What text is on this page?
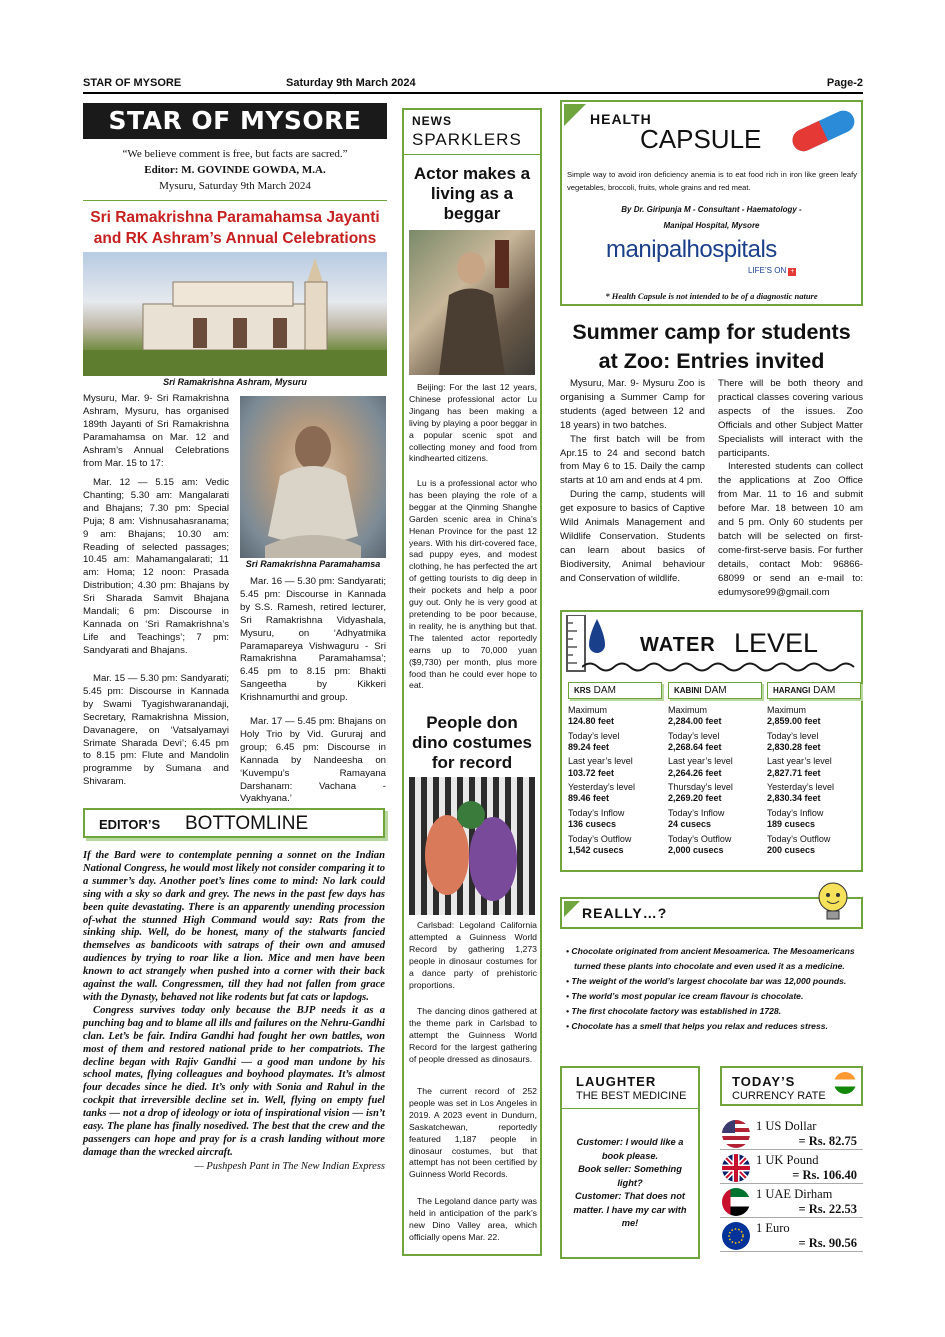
STAR OF MYSORE	Saturday 9th March 2024	Page-2
STAR OF MYSORE
“We believe comment is free, but facts are sacred.”
Editor: M. GOVINDE GOWDA, M.A.
Mysuru, Saturday 9th March 2024
Sri Ramakrishna Paramahamsa Jayanti and RK Ashram’s Annual Celebrations
Sri Ramakrishna Ashram, Mysuru
Sri Ramakrishna Paramahamsa
Mysuru, Mar. 9- Sri Ramakrishna Ashram, Mysuru, has organised 189th Jayanti of Sri Ramakrishna Paramahamsa on Mar. 12 and Ashram’s Annual Celebrations from Mar. 15 to 17:
Mar. 12 — 5.15 am: Vedic Chanting; 5.30 am: Mangalarati and Bhajans; 7.30 pm: Special Puja; 8 am: Vishnusahasranama; 9 am: Bhajans; 10.30 am: Reading of selected passages; 10.45 am: Mahamangalarati; 11 am: Homa; 12 noon: Prasada Distribution; 4.30 pm: Bhajans by Sri Sharada Samvit Bhajana Mandali; 6 pm: Discourse in Kannada on ‘Sri Ramakrishna’s Life and Teachings’; 7 pm: Sandyarati and Bhajans.
Mar. 15 — 5.30 pm: Sandyarati; 5.45 pm: Discourse in Kannada by Swami Tyagishwaranandaji, Secretary, Ramakrishna Mission, Davanagere, on ‘Vatsalyamayi Srimate Sharada Devi’; 6.45 pm to 8.15 pm: Flute and Mandolin programme by Sumana and Shivaram.
Mar. 16 — 5.30 pm: Sandyarati; 5.45 pm: Discourse in Kannada by S.S. Ramesh, retired lecturer, Sri Ramakrishna Vidyashala, Mysuru, on ‘Adhyatmika Paramapareya Vishwaguru - Sri Ramakrishna Paramahamsa’; 6.45 pm to 8.15 pm: Bhakti Sangeetha by Kikkeri Krishnamurthi and group.
Mar. 17 — 5.45 pm: Bhajans on Holy Trio by Vid. Gururaj and group; 6.45 pm: Discourse in Kannada by Nandeesha on ‘Kuvempu’s Ramayana Darshanam: Vachana - Vyakhyana.’
EDITOR’S BOTTOMLINE

If the Bard were to contemplate penning a sonnet on the Indian National Congress, he would most likely not consider comparing it to a summer’s day. Another poet’s lines come to mind: No lark could sing with a sky so dark and grey. The news in the past few days has been quite devastating. There is an apparently unending procession of-what the stunned High Command would say: Rats from the sinking ship. Well, do be honest, many of the stalwarts fancied themselves as bandicoots with satraps of their own and amused audiences by trying to roar like a lion. Mice and men have been known to act strangely when pushed into a corner with their back against the wall. Congressmen, till they had not fallen from grace with the Dynasty, behaved not like rodents but fat cats or lapdogs.

Congress survives today only because the BJP needs it as a punching bag and to blame all ills and failures on the Nehru-Gandhi clan. Let’s be fair. Indira Gandhi had fought her own battles, won most of them and restored national pride to her compatriots. The decline began with Rajiv Gandhi — a good man undone by his school mates, flying colleagues and boyhood playmates. It’s almost four decades since he died. It’s only with Sonia and Rahul in the cockpit that irreversible decline set in. Well, flying on empty fuel tanks — not a drop of ideology or iota of inspirational vision — isn’t easy. The plane has finally nosedived. The best that the crew and the passengers can hope and pray for is a crash landing without more damage than the wrecked aircraft.

— Pushpesh Pant in The New Indian Express

NEWS
SPARKLERS
Actor makes a living as a beggar
Beijing: For the last 12 years, Chinese professional actor Lu Jingang has been making a living by playing a poor beggar in a popular scenic spot and collecting money and food from kindhearted citizens.
Lu is a professional actor who has been playing the role of a beggar at the Qinming Shanghe Garden scenic area in China’s Henan Province for the past 12 years. With his dirt-covered face, sad puppy eyes, and modest clothing, he has perfected the art of getting tourists to dig deep in their pockets and help a poor guy out. Only he is very good at pretending to be poor because, in reality, he is anything but that. The talented actor reportedly earns up to 70,000 yuan ($9,730) per month, plus more food than he could ever hope to eat.
People don dino costumes for record
Carlsbad: Legoland California attempted a Guinness World Record by gathering 1,273 people in dinosaur costumes for a dance party of prehistoric proportions.
The dancing dinos gathered at the theme park in Carlsbad to attempt the Guinness World Record for the largest gathering of people dressed as dinosaurs.
The current record of 252 people was set in Los Angeles in 2019. A 2023 event in Dundurn, Saskatchewan, reportedly featured 1,187 people in dinosaur costumes, but that attempt has not been certified by Guinness World Records.
The Legoland dance party was held in anticipation of the park’s new Dino Valley area, which officially opens Mar. 22.
HEALTH
CAPSULE
Simple way to avoid iron deficiency anemia is to eat food rich in iron like green leafy vegetables, broccoli, fruits, whole grains and red meat.
By Dr. Giripunja M - Consultant - Haematology -
Manipal Hospital, Mysore
manipalhospitals
LIFE’S ON +
* Health Capsule is not intended to be of a diagnostic nature
Summer camp for students at Zoo: Entries invited

Mysuru, Mar. 9- Mysuru Zoo is organising a Summer Camp for students (aged between 12 and 18 years) in two batches.

The first batch will be from Apr.15 to 24 and second batch from May 6 to 15. Daily the camp starts at 10 am and ends at 4 pm.

During the camp, students will get exposure to basics of Captive Wild Animals Management and Wildlife Conservation. Students can learn about basics of Biodiversity, Animal behaviour and Conservation of wildlife.

There will be both theory and practical classes covering various aspects of the issues. Zoo Officials and other Subject Matter Specialists will interact with the participants.

Interested students can collect the applications at Zoo Office from Mar. 11 to 16 and submit before Mar. 18 between 10 am and 5 pm. Only 60 students per batch will be selected on first-come-first-serve basis. For further details, contact Mob: 96866-68099 or send an e-mail to: edumysore99@gmail.com

WATER LEVEL
KRS DAM
Maximum
124.80 feet
Today’s level
89.24 feet
Last year’s level
103.72 feet
Yesterday’s level
89.46 feet
Today’s Inflow
136 cusecs
Today’s Outflow
1,542 cusecs
KABINI DAM
Maximum
2,284.00 feet
Today’s level
2,268.64 feet
Last year’s level
2,264.26 feet
Thursday’s level
2,269.20 feet
Today’s Inflow
24 cusecs
Today’s Outflow
2,000 cusecs
HARANGI DAM
Maximum
2,859.00 feet
Today’s level
2,830.28 feet
Last year’s level
2,827.71 feet
Yesterday’s level
2,830.34 feet
Today’s Inflow
189 cusecs
Today’s Outflow
200 cusecs
REALLY…?
• Chocolate originated from ancient Mesoamerica. The Mesoamericans turned these plants into chocolate and even used it as a medicine.
• The weight of the world’s largest chocolate bar was 12,000 pounds.
• The world’s most popular ice cream flavour is chocolate.
• The first chocolate factory was established in 1728.
• Chocolate has a smell that helps you relax and reduces stress.
LAUGHTER
THE BEST MEDICINE
Customer: I would like a book please.
Book seller: Something light?
Customer: That does not matter. I have my car with me!
TODAY’S
CURRENCY RATE
1 US Dollar
= Rs. 82.75
1 UK Pound
= Rs. 106.40
1 UAE Dirham
= Rs. 22.53
1 Euro
= Rs. 90.56
